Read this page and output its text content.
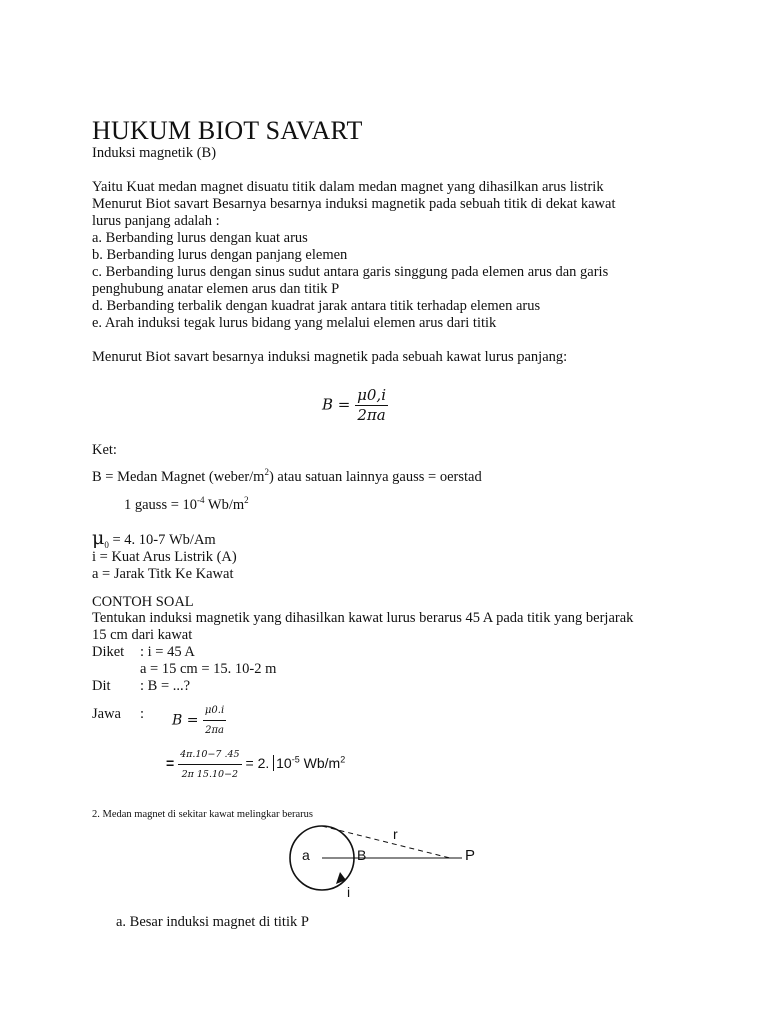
HUKUM BIOT SAVART
Induksi magnetik (B)
Yaitu Kuat medan magnet disuatu titik dalam medan magnet yang dihasilkan arus listrik
Menurut Biot savart Besarnya besarnya induksi magnetik pada sebuah titik di dekat kawat
lurus panjang adalah :
a. Berbanding lurus dengan kuat arus
b. Berbanding lurus dengan panjang elemen
c. Berbanding lurus dengan sinus sudut antara garis singgung pada elemen arus dan garis
penghubung anatar elemen arus dan titik P
d. Berbanding terbalik dengan kuadrat jarak antara titik terhadap elemen arus
e. Arah induksi tegak lurus bidang yang melalui elemen arus dari titik
Menurut Biot savart besarnya induksi magnetik pada sebuah kawat lurus panjang:
$B = \frac{\mu 0,i}{2\pi a}$
Ket:
B = Medan Magnet $(weber/m^2)$ atau satuan lainnya gauss = oerstad
1 gauss = $10^{-4}$ $Wb/m^2$
$\mu_0 = 4$. 10-7 Wb/Am
i = Kuat Arus Listrik (A)
a = Jarak Titk Ke Kawat
CONTOH SOAL
Tentukan induksi magnetik yang dihasilkan kawat lurus berarus 45 A pada titik yang berjarak
15 cm dari kawat
Diket : i = 45 A
a = 15 cm = 15. 10-2 m
Dit : B = ...?
Jawa : $B = \frac{\mu 0.i}{2\pi a}$
= $\frac{4\pi.10-7 .45}{2\pi 15.10-2} = 2$. $10^{-5}$ $Wb/m^2$
2. Medan magnet di sekitar kawat melingkar berarus
a	B
r
P
i
a. Besar induksi magnet di titik P
